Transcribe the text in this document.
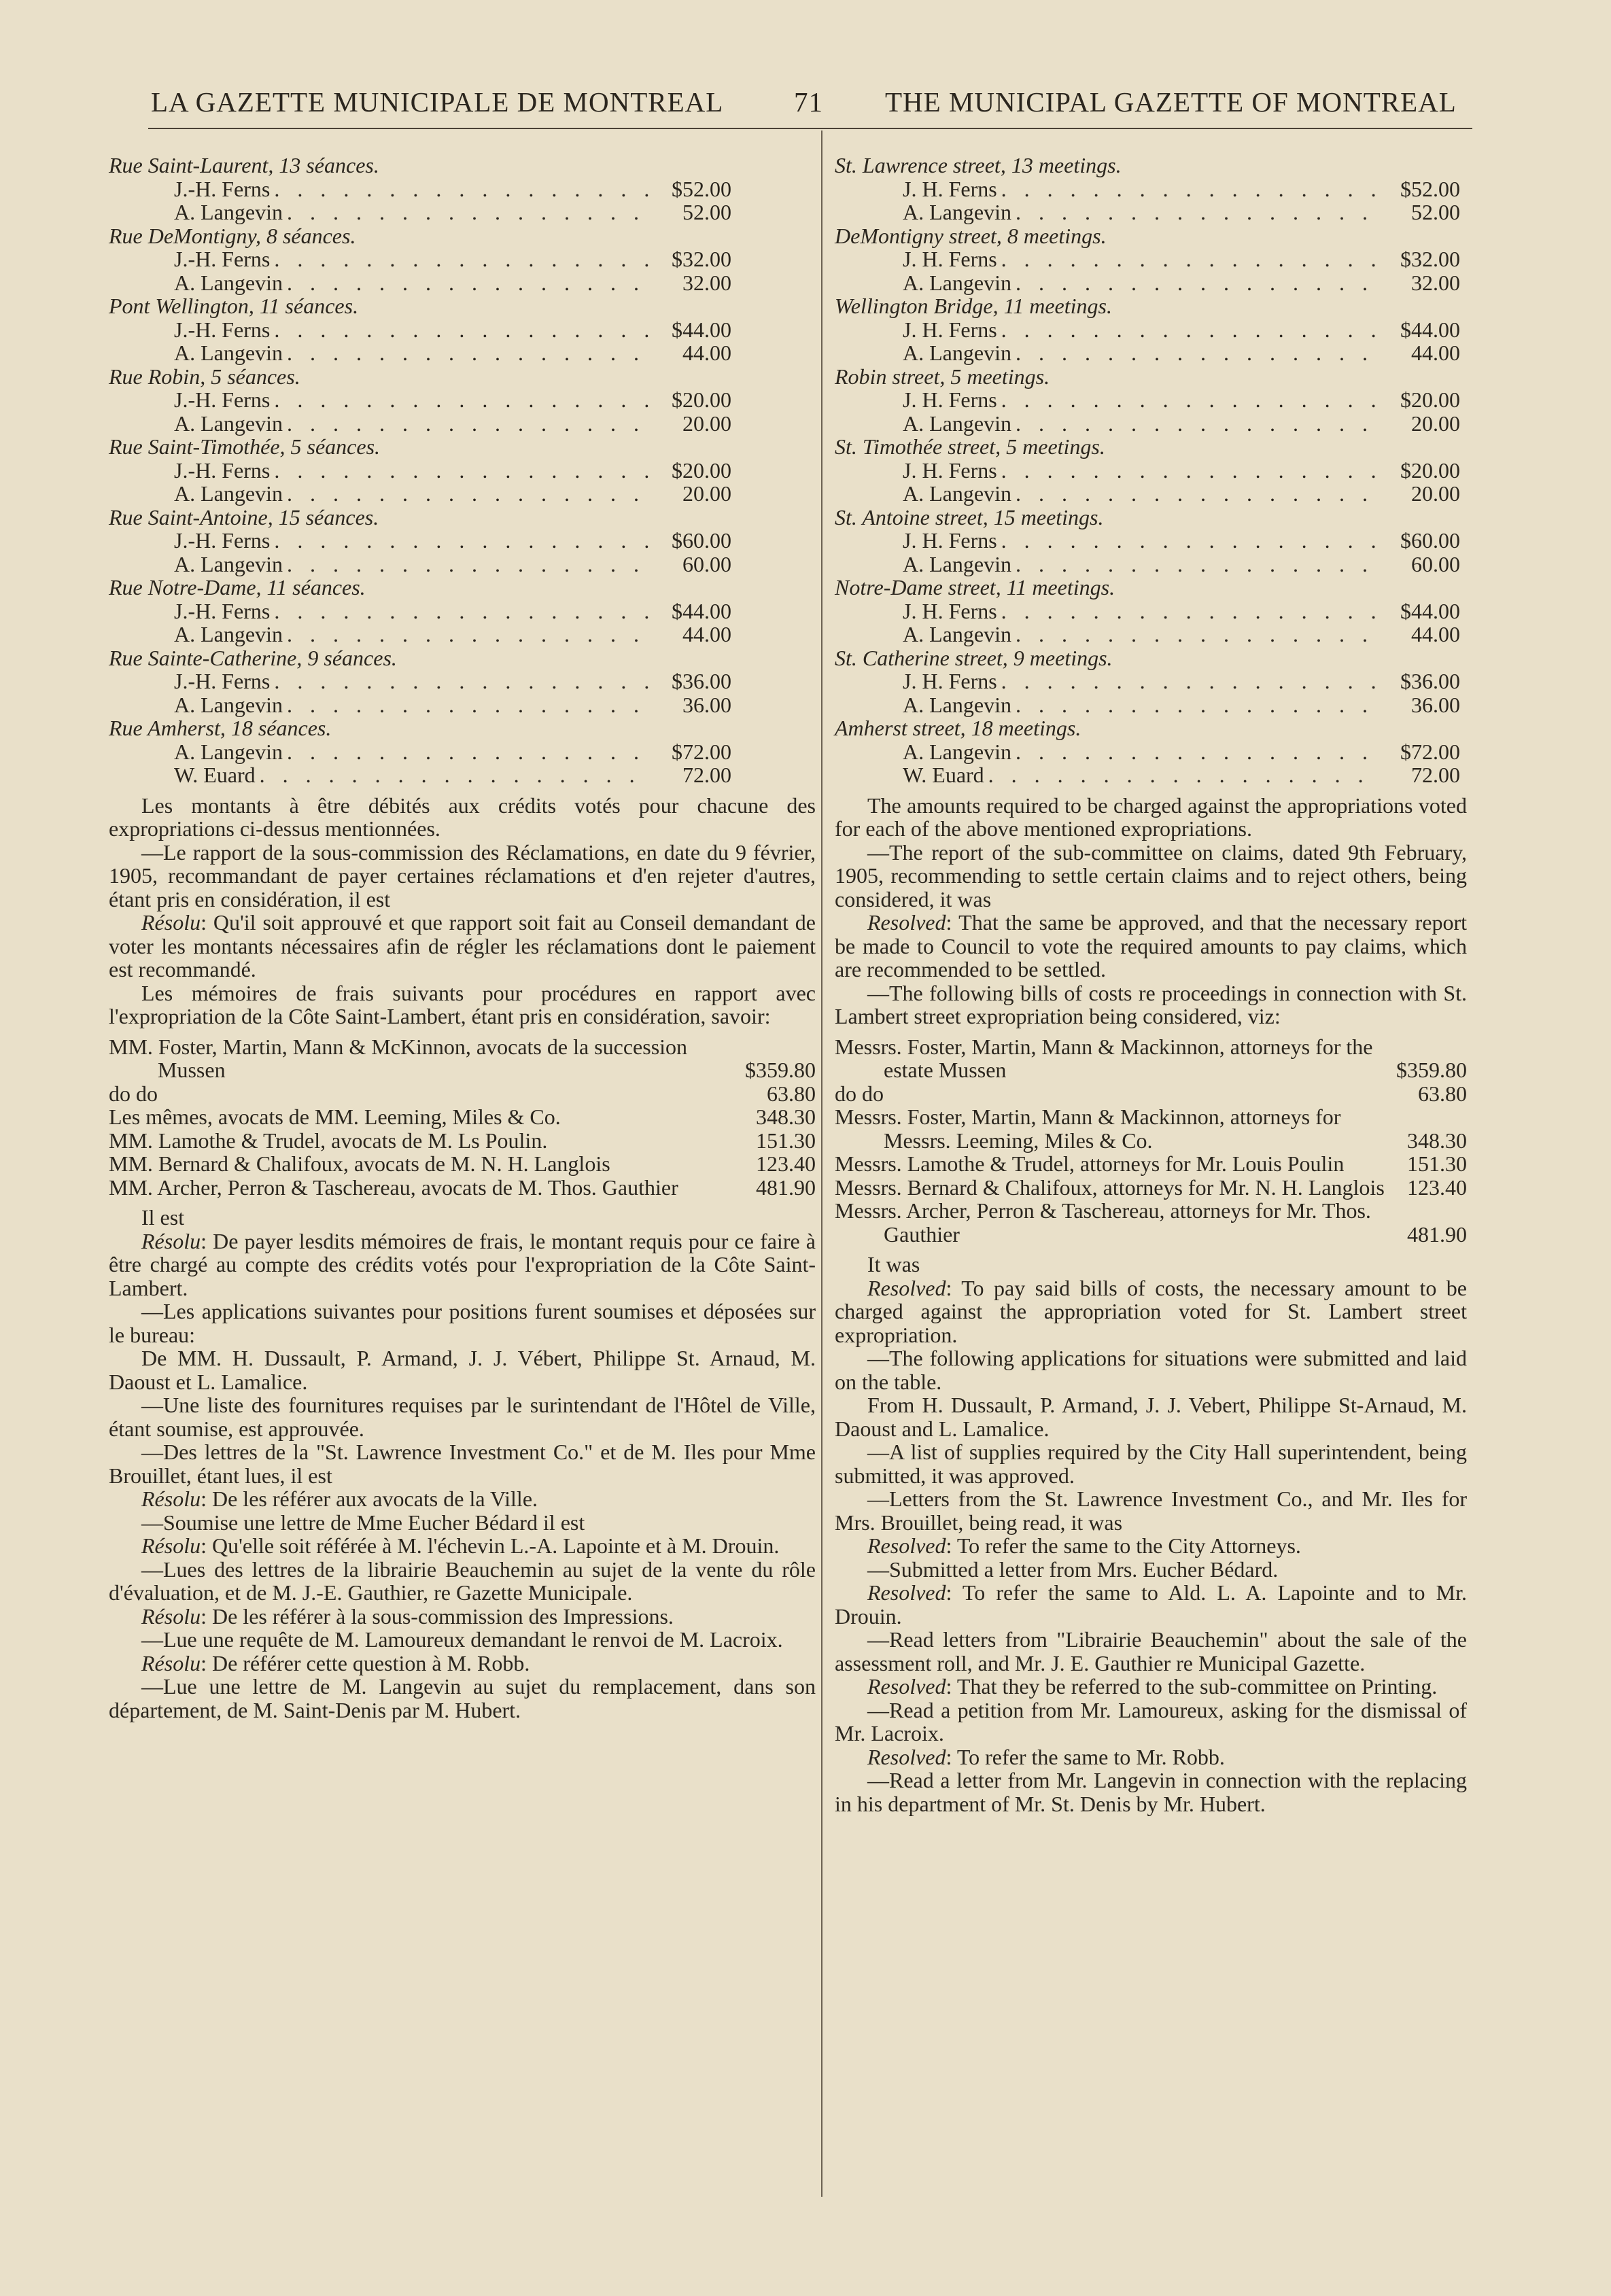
LA GAZETTE MUNICIPALE DE MONTREAL	71 THE MUNICIPAL GAZETTE OF MONTREAL
Rue Saint-Laurent, 13 séances.
J.-H. Ferns . . .	$52.00
A. Langevin . . .	52.00
Rue DeMontigny, 8 séances.
J.-H. Ferns . . .	$32.00
A. Langevin . . .	32.00
Pont Wellington, 11 séances.
J.-H. Ferns . . .	$44.00
A. Langevin . . .	44.00
Rue Robin, 5 séances.
J.-H. Ferns . . .	$20.00
A. Langevin . . .	20.00
Rue Saint-Timothée, 5 séances.
J.-H. Ferns . . .	$20.00
A. Langevin . . .	20.00
Rue Saint-Antoine, 15 séances.
J.-H. Ferns . . .	$60.00
A. Langevin . . .	60.00
Rue Notre-Dame, 11 séances.
J.-H. Ferns . . .	$44.00
A. Langevin . . .	44.00
Rue Sainte-Catherine, 9 séances.
J.-H. Ferns . . .	$36.00
A. Langevin . . .	36.00
Rue Amherst, 18 séances.
A. Langevin . . .	$72.00
W. Euard . . .	72.00

Les montants à être débités aux crédits votés pour chacune des expropriations ci-dessus mentionnées.

—Le rapport de la sous-commission des Réclamations, en date du 9 février, 1905, recommandant de payer certaines réclamations et d'en rejeter d'autres, étant pris en considération, il est

Résolu: Qu'il soit approuvé et que rapport soit fait au Conseil demandant de voter les montants nécessaires afin de régler les réclamations dont le paiement est recommandé.

Les mémoires de frais suivants pour procédures en rapport avec l'expropriation de la Côte Saint-Lambert, étant pris en considération, savoir:

MM. Foster, Martin, Mann & McKinnon, avocats de la succession Mussen	$359.80
do do	63.80
Les mêmes, avocats de MM. Leeming, Miles & Co.	348.30
MM. Lamothe & Trudel, avocats de M. Ls Poulin.	151.30
MM. Bernard & Chalifoux, avocats de M. N. H. Langlois	123.40
MM. Archer, Perron & Taschereau, avocats de M. Thos. Gauthier	481.90

Il est

Résolu: De payer lesdits mémoires de frais, le montant requis pour ce faire à être chargé au compte des crédits votés pour l'expropriation de la Côte Saint-Lambert.

—Les applications suivantes pour positions furent soumises et déposées sur le bureau:

De MM. H. Dussault, P. Armand, J. J. Vébert, Philippe St. Arnaud, M. Daoust et L. Lamalice.

—Une liste des fournitures requises par le surintendant de l'Hôtel de Ville, étant soumise, est approuvée.

—Des lettres de la "St. Lawrence Investment Co." et de M. Iles pour Mme Brouillet, étant lues, il est

Résolu: De les référer aux avocats de la Ville.

—Soumise une lettre de Mme Eucher Bédard il est

Résolu: Qu'elle soit référée à M. l'échevin L.-A. Lapointe et à M. Drouin.

—Lues des lettres de la librairie Beauchemin au sujet de la vente du rôle d'évaluation, et de M. J.-E. Gauthier, re Gazette Municipale.

Résolu: De les référer à la sous-commission des Impressions.

—Lue une requête de M. Lamoureux demandant le renvoi de M. Lacroix.

Résolu: De référer cette question à M. Robb.

—Lue une lettre de M. Langevin au sujet du remplacement, dans son département, de M. Saint-Denis par M. Hubert.

St. Lawrence street, 13 meetings.
J. H. Ferns . . .	$52.00
A. Langevin . . .	52.00
DeMontigny street, 8 meetings.
J. H. Ferns . . .	$32.00
A. Langevin . . .	32.00
Wellington Bridge, 11 meetings.
J. H. Ferns . . .	$44.00
A. Langevin . . .	44.00
Robin street, 5 meetings.
J. H. Ferns . . .	$20.00
A. Langevin . . .	20.00
St. Timothée street, 5 meetings.
J. H. Ferns . . .	$20.00
A. Langevin . . .	20.00
St. Antoine street, 15 meetings.
J. H. Ferns . . .	$60.00
A. Langevin . . .	60.00
Notre-Dame street, 11 meetings.
J. H. Ferns . . .	$44.00
A. Langevin . . .	44.00
St. Catherine street, 9 meetings.
J. H. Ferns . . .	$36.00
A. Langevin . . .	36.00
Amherst street, 18 meetings.
A. Langevin . . .	$72.00
W. Euard . . .	72.00

The amounts required to be charged against the appropriations voted for each of the above mentioned expropriations.

—The report of the sub-committee on claims, dated 9th February, 1905, recommending to settle certain claims and to reject others, being considered, it was

Resolved: That the same be approved, and that the necessary report be made to Council to vote the required amounts to pay claims, which are recommended to be settled.

—The following bills of costs re proceedings in connection with St. Lambert street expropriation being considered, viz:

Messrs. Foster, Martin, Mann & Mackinnon, attorneys for the estate Mussen	$359.80
do do	63.80
Messrs. Foster, Martin, Mann & Mackinnon, attorneys for Messrs. Leeming, Miles & Co.	348.30
Messrs. Lamothe & Trudel, attorneys for Mr. Louis Poulin	151.30
Messrs. Bernard & Chalifoux, attorneys for Mr. N. H. Langlois	123.40
Messrs. Archer, Perron & Taschereau, attorneys for Mr. Thos. Gauthier	481.90

It was

Resolved: To pay said bills of costs, the necessary amount to be charged against the appropriation voted for St. Lambert street expropriation.

—The following applications for situations were submitted and laid on the table.

From H. Dussault, P. Armand, J. J. Vebert, Philippe St-Arnaud, M. Daoust and L. Lamalice.

—A list of supplies required by the City Hall superintendent, being submitted, it was approved.

—Letters from the St. Lawrence Investment Co., and Mr. Iles for Mrs. Brouillet, being read, it was

Resolved: To refer the same to the City Attorneys.

—Submitted a letter from Mrs. Eucher Bédard.

Resolved: To refer the same to Ald. L. A. Lapointe and to Mr. Drouin.

—Read letters from "Librairie Beauchemin" about the sale of the assessment roll, and Mr. J. E. Gauthier re Municipal Gazette.

Resolved: That they be referred to the sub-committee on Printing.

—Read a petition from Mr. Lamoureux, asking for the dismissal of Mr. Lacroix.

Resolved: To refer the same to Mr. Robb.

—Read a letter from Mr. Langevin in connection with the replacing in his department of Mr. St. Denis by Mr. Hubert.
